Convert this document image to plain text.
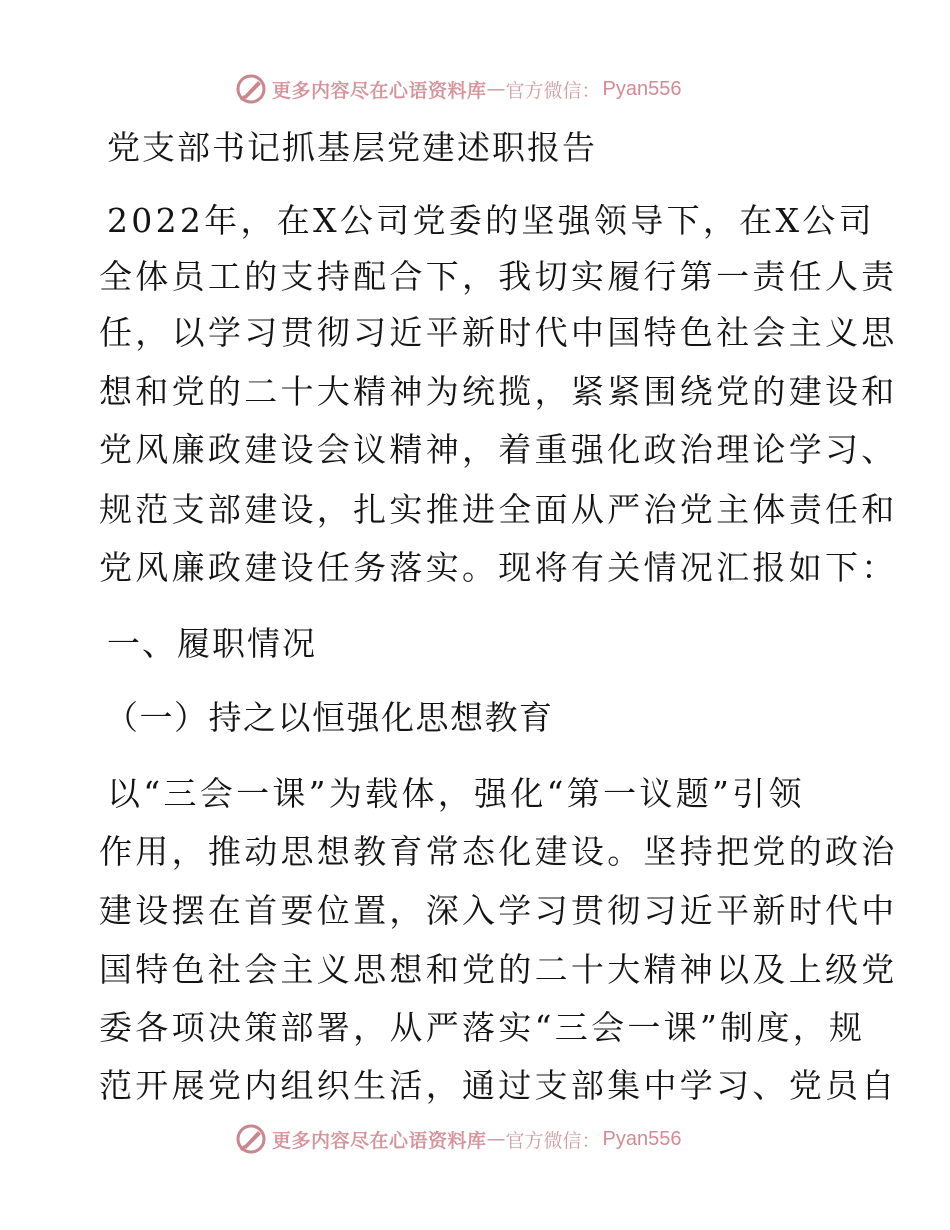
更多内容尽在心语资料库 — 官方微信： Pyan556
党支部书记抓基层党建述职报告
2022年，在X公司党委的坚强领导下，在X公司
全体员工的支持配合下，我切实履行第一责任人责
任，以学习贯彻习近平新时代中国特色社会主义思
想和党的二十大精神为统揽，紧紧围绕党的建设和
党风廉政建设会议精神，着重强化政治理论学习、
规范支部建设，扎实推进全面从严治党主体责任和
党风廉政建设任务落实。现将有关情况汇报如下：
一、履职情况
（一）持之以恒强化思想教育
以“三会一课”为载体，强化“第一议题”引领
作用，推动思想教育常态化建设。坚持把党的政治
建设摆在首要位置，深入学习贯彻习近平新时代中
国特色社会主义思想和党的二十大精神以及上级党
委各项决策部署，从严落实“三会一课”制度，规
范开展党内组织生活，通过支部集中学习、党员自
更多内容尽在心语资料库 — 官方微信： Pyan556
